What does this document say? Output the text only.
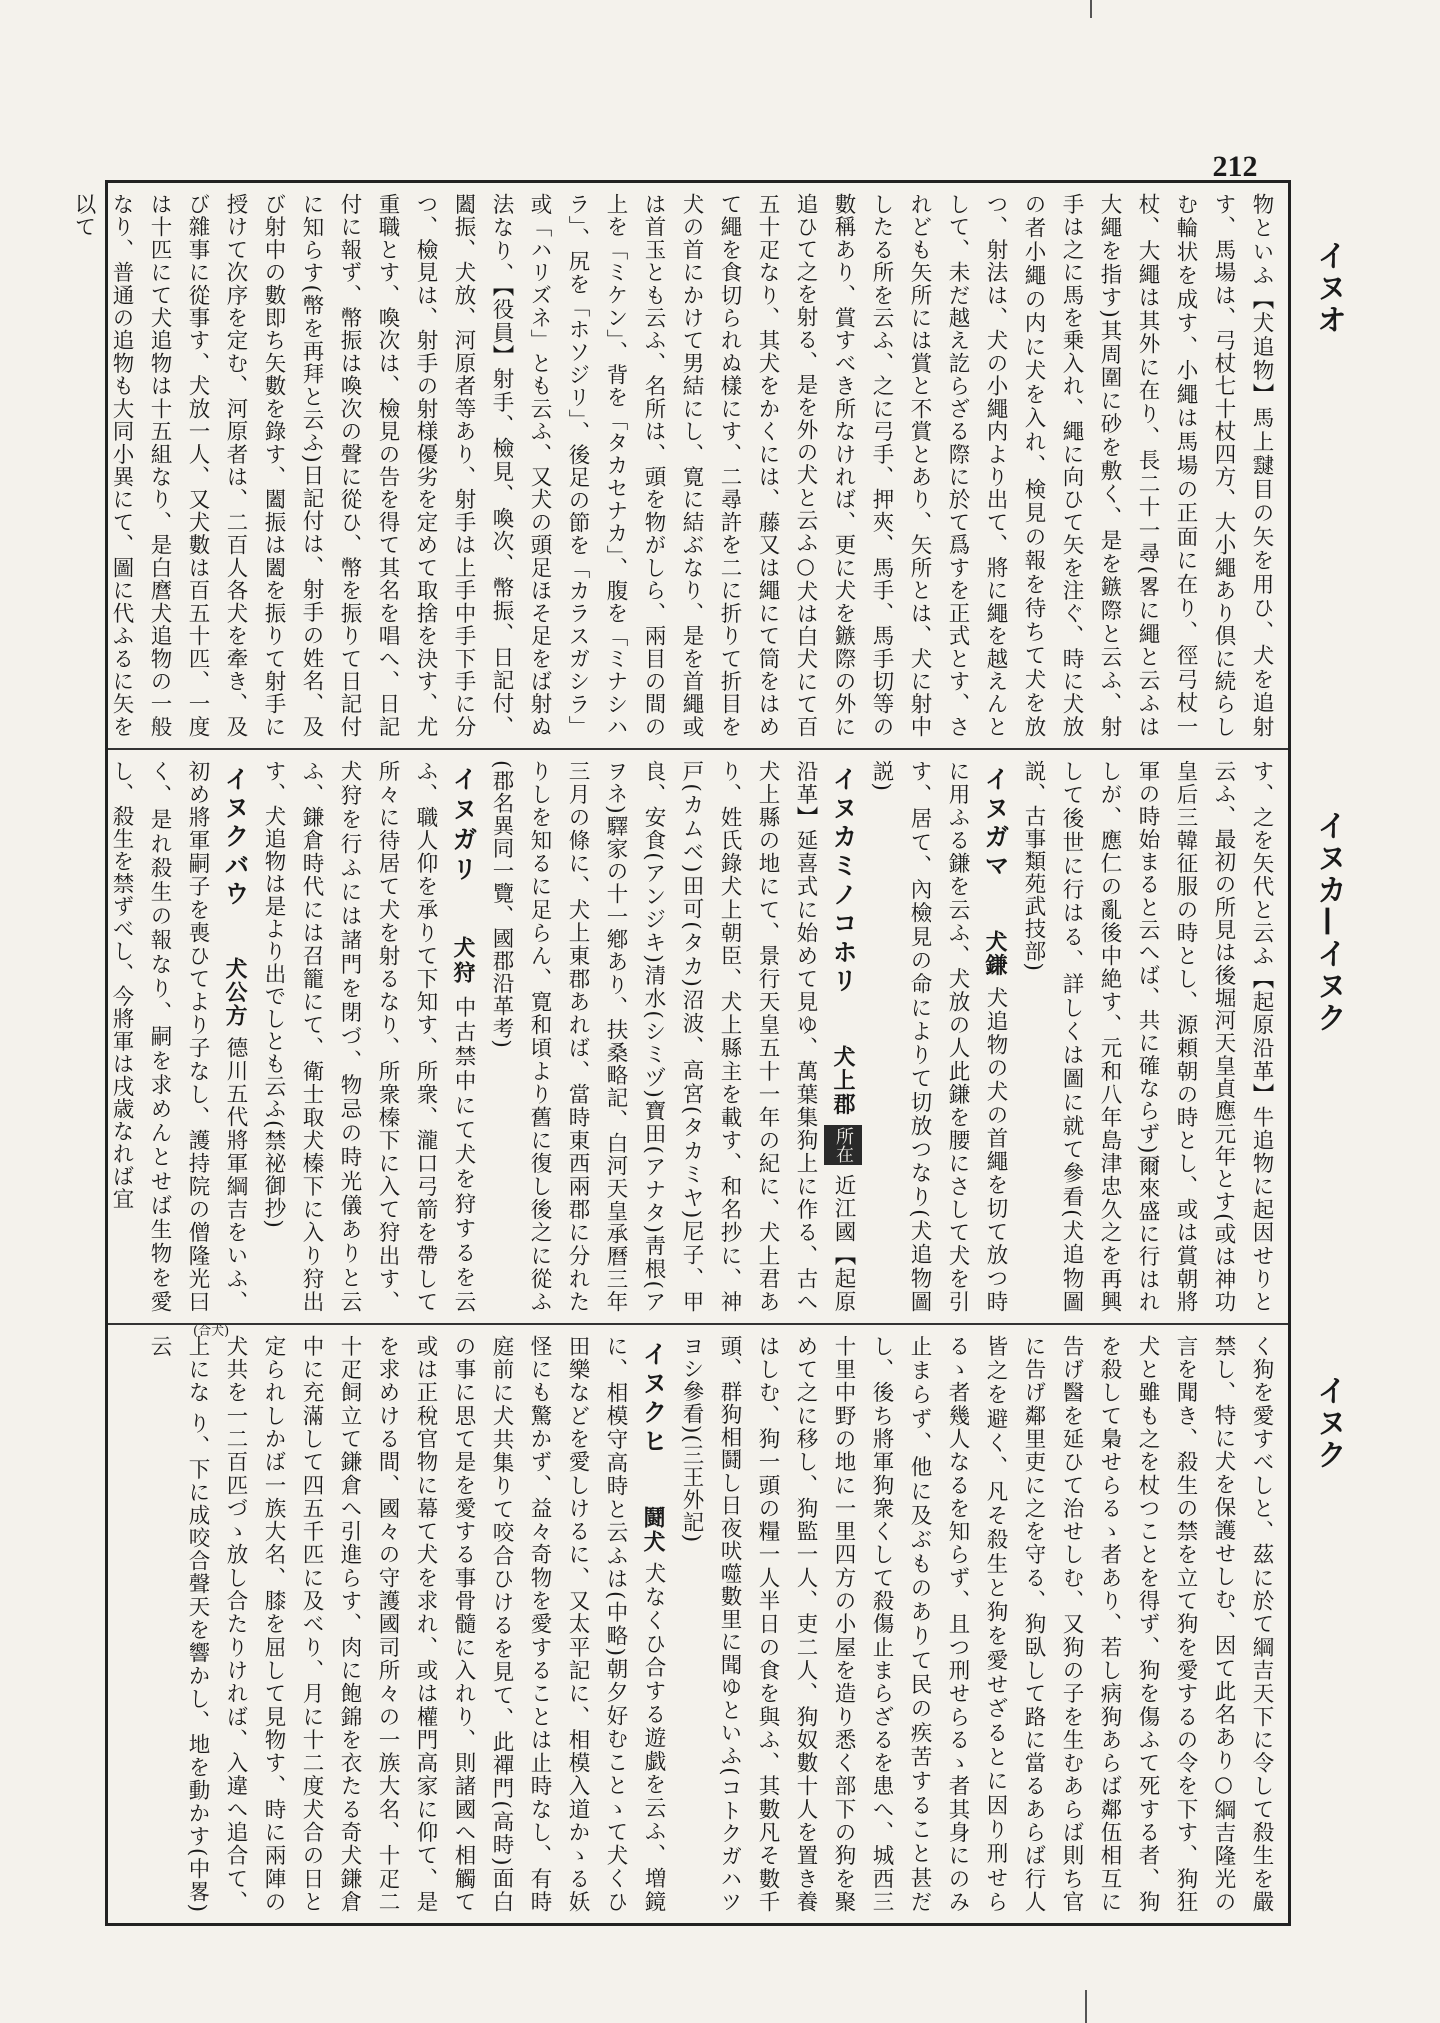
212
イヌオ
イヌカ—イヌク
イヌク
(合犬)
物といふ【犬追物】馬上靆目の矢を用ひ、犬を追射す、馬場は、弓杖七十杖四方、大小繩あり倶に続らしむ輪状を成す、小繩は馬場の正面に在り、徑弓杖一杖、大繩は其外に在り、長二十一尋(畧に繩と云ふは大繩を指す)其周圍に砂を敷く、是を鏃際と云ふ、射手は之に馬を乗入れ、繩に向ひて矢を注ぐ、時に犬放の者小繩の内に犬を入れ、検見の報を待ちて犬を放つ、射法は、犬の小繩内より出て、將に繩を越えんとして、未だ越え訖らざる際に於て爲すを正式とす、されども矢所には賞と不賞とあり、矢所とは、犬に射中したる所を云ふ、之に弓手、押夾、馬手、馬手切等の數稱あり、賞すべき所なければ、更に犬を鏃際の外に追ひて之を射る、是を外の犬と云ふ○犬は白犬にて百五十疋なり、其犬をかくには、藤又は繩にて筒をはめて繩を食切られぬ樣にす、二尋許を二に折りて折目を犬の首にかけて男結にし、寛に結ぶなり、是を首繩或は首玉とも云ふ、名所は、頭を物がしら、兩目の間の上を「ミケン」、背を「タカセナカ」、腹を「ミナシハラ」、尻を「ホソジリ」、後足の節を「カラスガシラ」或「ハリズネ」とも云ふ、又犬の頭足ほそ足をば射ぬ法なり、【役員】射手、檢見、喚次、幣振、日記付、闔振、犬放、河原者等あり、射手は上手中手下手に分つ、檢見は、射手の射様優劣を定めて取捨を決す、尤重職とす、喚次は、檢見の告を得て其名を唱へ、日記付に報ず、幣振は喚次の聲に從ひ、幣を振りて日記付に知らす(幣を再拜と云ふ)日記付は、射手の姓名、及び射中の數即ち矢數を錄す、闔振は闔を振りて射手に授けて次序を定む、河原者は、二百人各犬を牽き、及び雜事に從事す、犬放一人、又犬數は百五十匹、一度は十匹にて犬追物は十五組なり、是白麿犬追物の一般なり、普通の追物も大同小異にて、圖に代ふるに矢を以て
す、之を矢代と云ふ【起原沿革】牛追物に起因せりと云ふ、最初の所見は後堀河天皇貞應元年とす(或は神功皇后三韓征服の時とし、源頼朝の時とし、或は賞朝將軍の時始まると云へば、共に確ならず)爾來盛に行はれしが、應仁の亂後中絶す、元和八年島津忠久之を再興して後世に行はる、詳しくは圖に就て參看(犬追物圖説、古事類苑武技部)
イヌガマ 犬鎌 犬追物の犬の首繩を切て放つ時に用ふる鎌を云ふ、犬放の人此鎌を腰にさして犬を引す、居て、內檢見の命によりて切放つなり(犬追物圖説)
イヌカミノコホリ 犬上郡 所在 近江國【起原沿革】延喜式に始めて見ゆ、萬葉集狗上に作る、古へ犬上縣の地にて、景行天皇五十一年の紀に、犬上君あり、姓氏錄犬上朝臣、犬上縣主を載す、和名抄に、神戸(カムベ)田可(タカ)沼波、高宮(タカミヤ)尼子、甲良、安食(アンジキ)清水(シミヅ)寶田(アナタ)靑根(アヲネ)驛家の十一鄕あり、扶桑略記、白河天皇承曆三年三月の條に、犬上東郡あれば、當時東西兩郡に分れたりしを知るに足らん、寛和頃より舊に復し後之に從ふ(郡名異同一覽、國郡沿革考)
イヌガリ 犬狩 中古禁中にて犬を狩するを云ふ、職人仰を承りて下知す、所衆、瀧口弓箭を帶して所々に待居て犬を射るなり、所衆榛下に入て狩出す、犬狩を行ふには諸門を閉づ、物忌の時光儀ありと云ふ、鎌倉時代には召籠にて、衛士取犬榛下に入り狩出す、犬追物は是より出でしとも云ふ(禁祕御抄)
イヌクバウ 犬公方 德川五代將軍綱吉をいふ、初め將軍嗣子を喪ひてより子なし、護持院の僧隆光曰く、是れ殺生の報なり、嗣を求めんとせば生物を愛し、殺生を禁ずべし、今將軍は戌歳なれば宜
く狗を愛すべしと、茲に於て綱吉天下に令して殺生を嚴禁し、特に犬を保護せしむ、因て此名あり○綱吉隆光の言を聞き、殺生の禁を立て狗を愛するの令を下す、狗狂犬と雖も之を杖つことを得ず、狗を傷ふて死する者、狗を殺して梟せらるゝ者あり、若し病狗あらば鄰伍相互に告げ醫を延ひて治せしむ、又狗の子を生むあらば則ち官に告げ鄰里吏に之を守る、狗臥して路に當るあらば行人皆之を避く、凡そ殺生と狗を愛せざるとに因り刑せらるゝ者幾人なるを知らず、且つ刑せらるゝ者其身にのみ止まらず、他に及ぶものありて民の疾苦すること甚だし、後ち將軍狗衆くして殺傷止まらざるを患へ、城西三十里中野の地に一里四方の小屋を造り悉く部下の狗を聚めて之に移し、狗監一人、吏二人、狗奴數十人を置き養はしむ、狗一頭の糧一人半日の食を與ふ、其數凡そ數千頭、群狗相鬪し日夜吠噬數里に聞ゆといふ(コトクガハツヨシ參看)(三王外記)
イヌクヒ 鬪犬 犬なくひ合する遊戯を云ふ、増鏡に、相模守高時と云ふは(中略)朝夕好むことゝて犬くひ田樂などを愛しけるに、又太平記に、相模入道かゝる妖怪にも驚かず、益々奇物を愛することは止時なし、有時庭前に犬共集りて咬合ひけるを見て、此禪門(高時)面白の事に思て是を愛する事骨髓に入れり、則諸國へ相觸て或は正稅官物に幕て犬を求れ、或は權門高家に仰て、是を求めける間、國々の守護國司所々の一族大名、十疋二十疋飼立て鎌倉へ引進らす、肉に飽錦を衣たる奇犬鎌倉中に充滿して四五千匹に及べり、月に十二度犬合の日と定られしかば一族大名、膝を屈して見物す、時に兩陣の犬共を一二百匹づゝ放し合たりければ、入違へ追合て、上にな り、下に成咬合聲天を響かし、地を動かす(中畧)云
